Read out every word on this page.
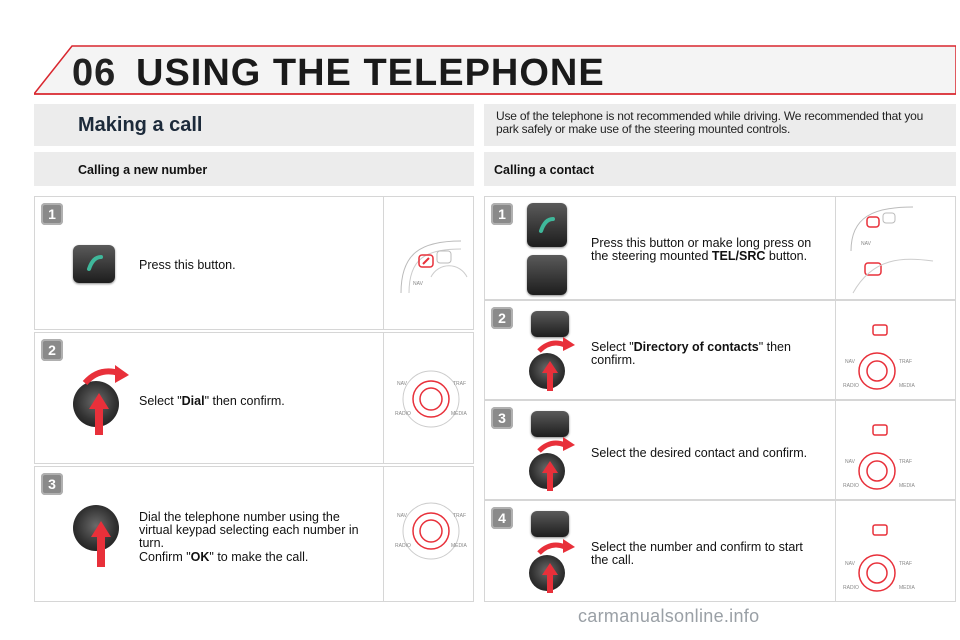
06 USING THE TELEPHONE
Making a call	Use of the telephone is not recommended while driving. We recommended that you park safely or make use of the steering mounted controls.
Calling a new number	Calling a contact
1
Press this button.
NAV
2
Select "Dial" then confirm.
NAV	TRAF
RADIO	MEDIA
3
Dial the telephone number using the virtual keypad selecting each number in turn.
Confirm "OK" to make the call.
NAV	TRAF
RADIO	MEDIA
1
Press this button or make long press on the steering mounted TEL/SRC button.
NAV
2
Select "Directory of contacts" then confirm.	NAV	TRAF
RADIO	MEDIA
3
Select the desired contact and confirm.
NAV	TRAF
RADIO	MEDIA
4
Select the number and confirm to start the call.	NAV	TRAF
RADIO	MEDIA
carmanualsonline.info
